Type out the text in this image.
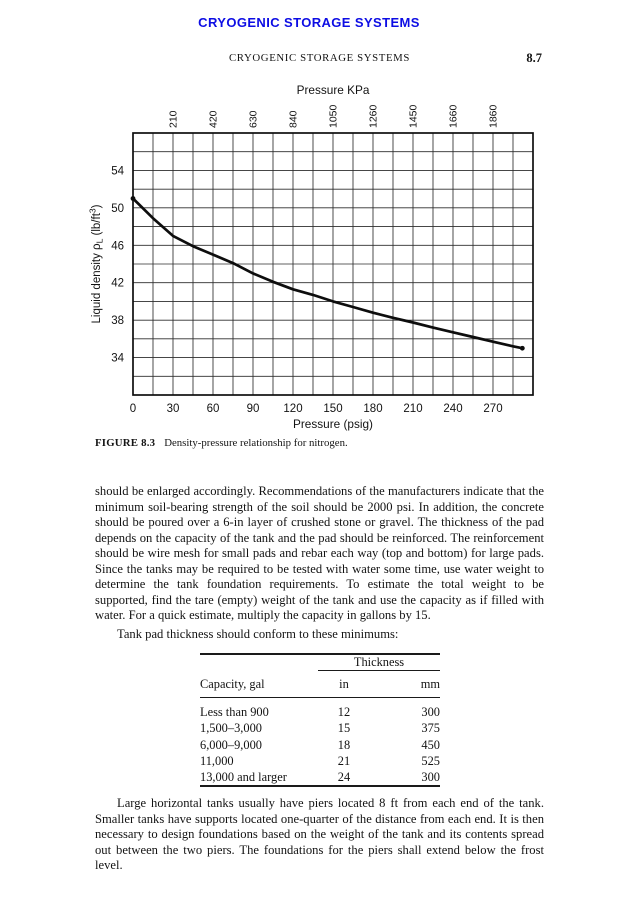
CRYOGENIC STORAGE SYSTEMS
CRYOGENIC STORAGE SYSTEMS	8.7
34
38
42
46
50
54
0	30 60 90 120 150 180 210 240 270
210	420	630	840	1050	1260	1450	1660	1860
Pressure KPa
Pressure (psig)
Liquid density $\rho_L$ $(lb/ft^3)$
FIGURE 8.3 Density-pressure relationship for nitrogen.

should be enlarged accordingly. Recommendations of the manufacturers indicate that the minimum soil-bearing strength of the soil should be 2000 psi. In addition, the concrete should be poured over a 6-in layer of crushed stone or gravel. The thickness of the pad depends on the capacity of the tank and the pad should be reinforced. The reinforcement should be wire mesh for small pads and rebar each way (top and bottom) for large pads. Since the tanks may be required to be tested with water some time, use water weight to determine the tank foundation requirements. To estimate the total weight to be supported, find the tare (empty) weight of the tank and use the capacity as if filled with water. For a quick estimate, multiply the capacity in gallons by 15.

Tank pad thickness should conform to these minimums:

	Thickness	
Capacity, gal	in	mm
Less than 900	12	300
1,500–3,000	15	375
6,000–9,000	18	450
11,000	21	525
13,000 and larger	24	300

Large horizontal tanks usually have piers located 8 ft from each end of the tank. Smaller tanks have supports located one-quarter of the distance from each end. It is then necessary to design foundations based on the weight of the tank and its contents spread out between the two piers. The foundations for the piers shall extend below the frost level.
